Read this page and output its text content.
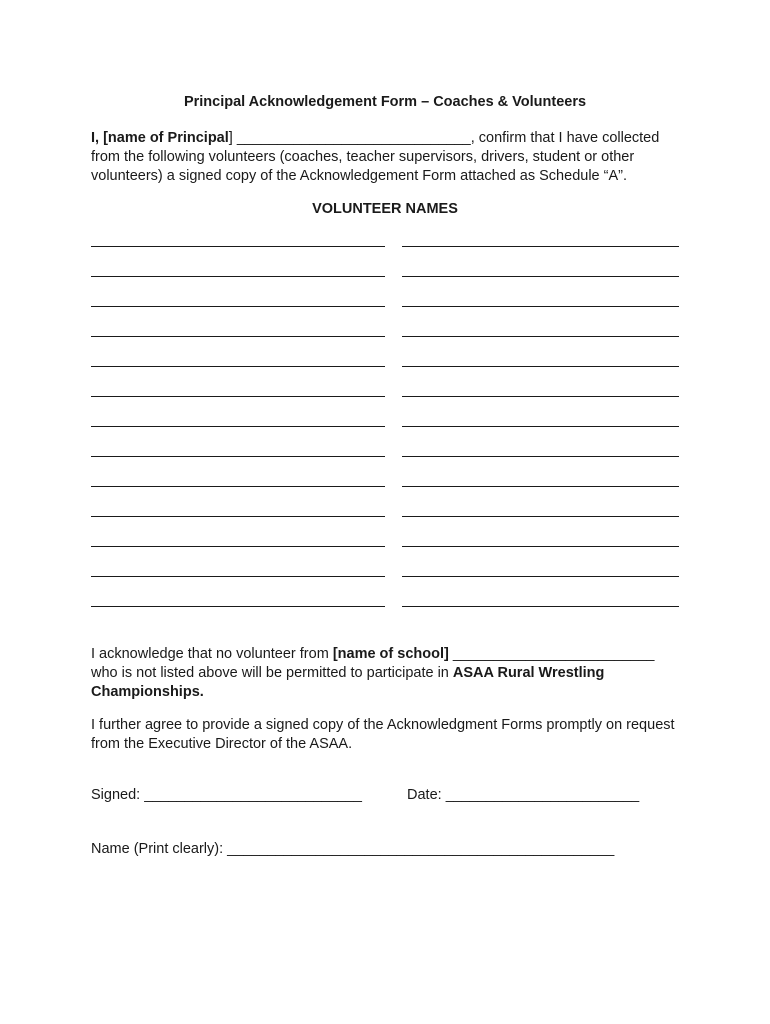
Principal Acknowledgement Form – Coaches & Volunteers
I, [name of Principal] _____________________________, confirm that I have collected from the following volunteers (coaches, teacher supervisors, drivers, student or other volunteers) a signed copy of the Acknowledgement Form attached as Schedule “A”.
VOLUNTEER NAMES
I acknowledge that no volunteer from [name of school] _________________________ who is not listed above will be permitted to participate in ASAA Rural Wrestling Championships.
I further agree to provide a signed copy of the Acknowledgment Forms promptly on request from the Executive Director of the ASAA.
Signed: ___________________________	Date: ________________________
Name (Print clearly): ________________________________________________
